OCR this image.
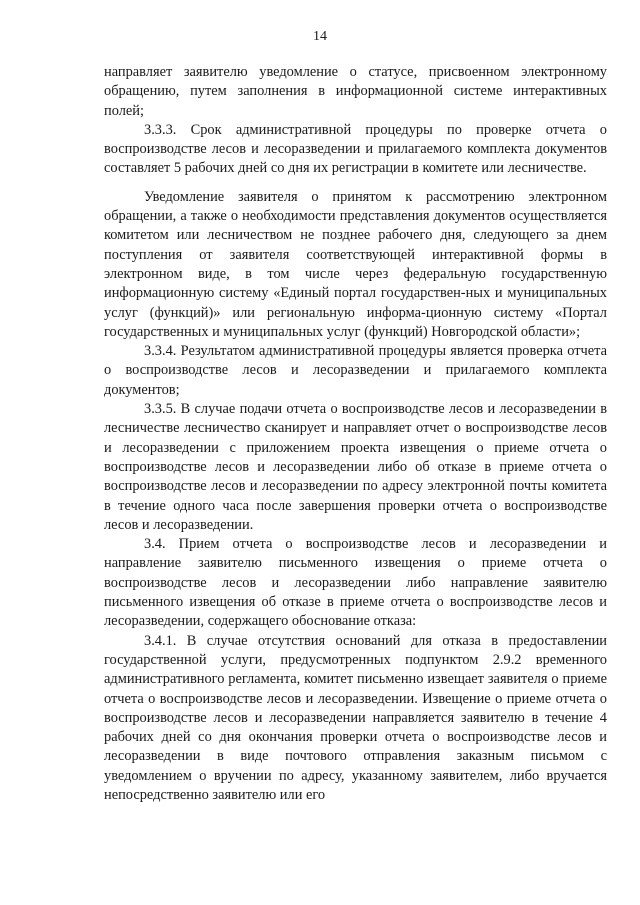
14

направляет заявителю уведомление о статусе, присвоенном электронному обращению, путем заполнения в информационной системе интерактивных полей;

3.3.3. Срок административной процедуры по проверке отчета о воспроизводстве лесов и лесоразведении и прилагаемого комплекта документов составляет 5 рабочих дней со дня их регистрации в комитете или лесничестве.

Уведомление заявителя о принятом к рассмотрению электронном обращении, а также о необходимости представления документов осуществляется комитетом или лесничеством не позднее рабочего дня, следующего за днем поступления от заявителя соответствующей интерактивной формы в электронном виде, в том числе через федеральную государственную информационную систему «Единый портал государствен-ных и муниципальных услуг (функций)» или региональную информа-ционную систему «Портал государственных и муниципальных услуг (функций) Новгородской области»;

3.3.4. Результатом административной процедуры является проверка отчета о воспроизводстве лесов и лесоразведении и прилагаемого комплекта документов;

3.3.5. В случае подачи отчета о воспроизводстве лесов и лесоразведении в лесничестве лесничество сканирует и направляет отчет о воспроизводстве лесов и лесоразведении с приложением проекта извещения о приеме отчета о воспроизводстве лесов и лесоразведении либо об отказе в приеме отчета о воспроизводстве лесов и лесоразведении по адресу электронной почты комитета в течение одного часа после завершения проверки отчета о воспроизводстве лесов и лесоразведении.

3.4. Прием отчета о воспроизводстве лесов и лесоразведении и направление заявителю письменного извещения о приеме отчета о воспроизводстве лесов и лесоразведении либо направление заявителю письменного извещения об отказе в приеме отчета о воспроизводстве лесов и лесоразведении, содержащего обоснование отказа:

3.4.1. В случае отсутствия оснований для отказа в предоставлении государственной услуги, предусмотренных подпунктом 2.9.2 временного административного регламента, комитет письменно извещает заявителя о приеме отчета о воспроизводстве лесов и лесоразведении. Извещение о приеме отчета о воспроизводстве лесов и лесоразведении направляется заявителю в течение 4 рабочих дней со дня окончания проверки отчета о воспроизводстве лесов и лесоразведении в виде почтового отправления заказным письмом с уведомлением о вручении по адресу, указанному заявителем, либо вручается непосредственно заявителю или его
